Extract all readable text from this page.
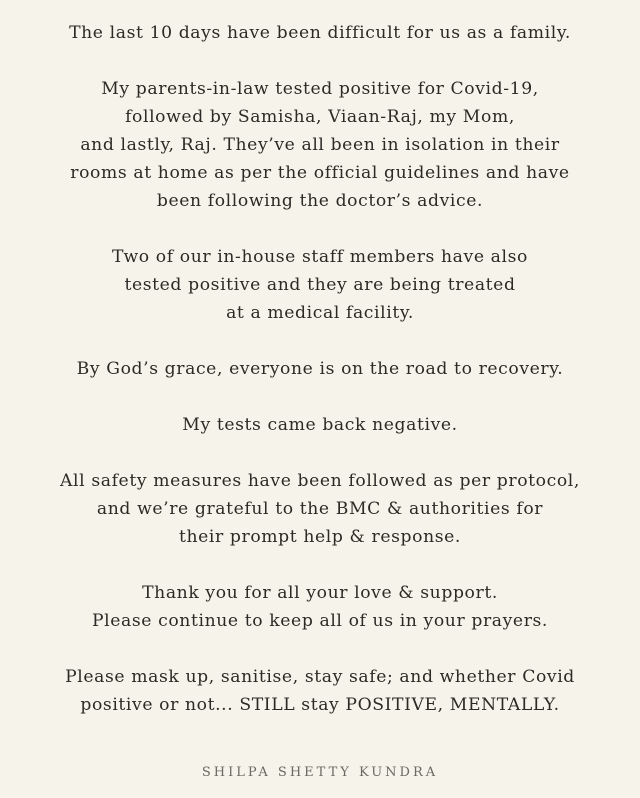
The last 10 days have been difficult for us as a family.

My parents-in-law tested positive for Covid-19,
followed by Samisha, Viaan-Raj, my Mom,
and lastly, Raj. They’ve all been in isolation in their
rooms at home as per the official guidelines and have
been following the doctor’s advice.

Two of our in-house staff members have also
tested positive and they are being treated
at a medical facility.

By God’s grace, everyone is on the road to recovery.

My tests came back negative.

All safety measures have been followed as per protocol,
and we’re grateful to the BMC & authorities for
their prompt help & response.

Thank you for all your love & support.
Please continue to keep all of us in your prayers.

Please mask up, sanitise, stay safe; and whether Covid
positive or not... STILL stay POSITIVE, MENTALLY.

SHILPA SHETTY KUNDRA
